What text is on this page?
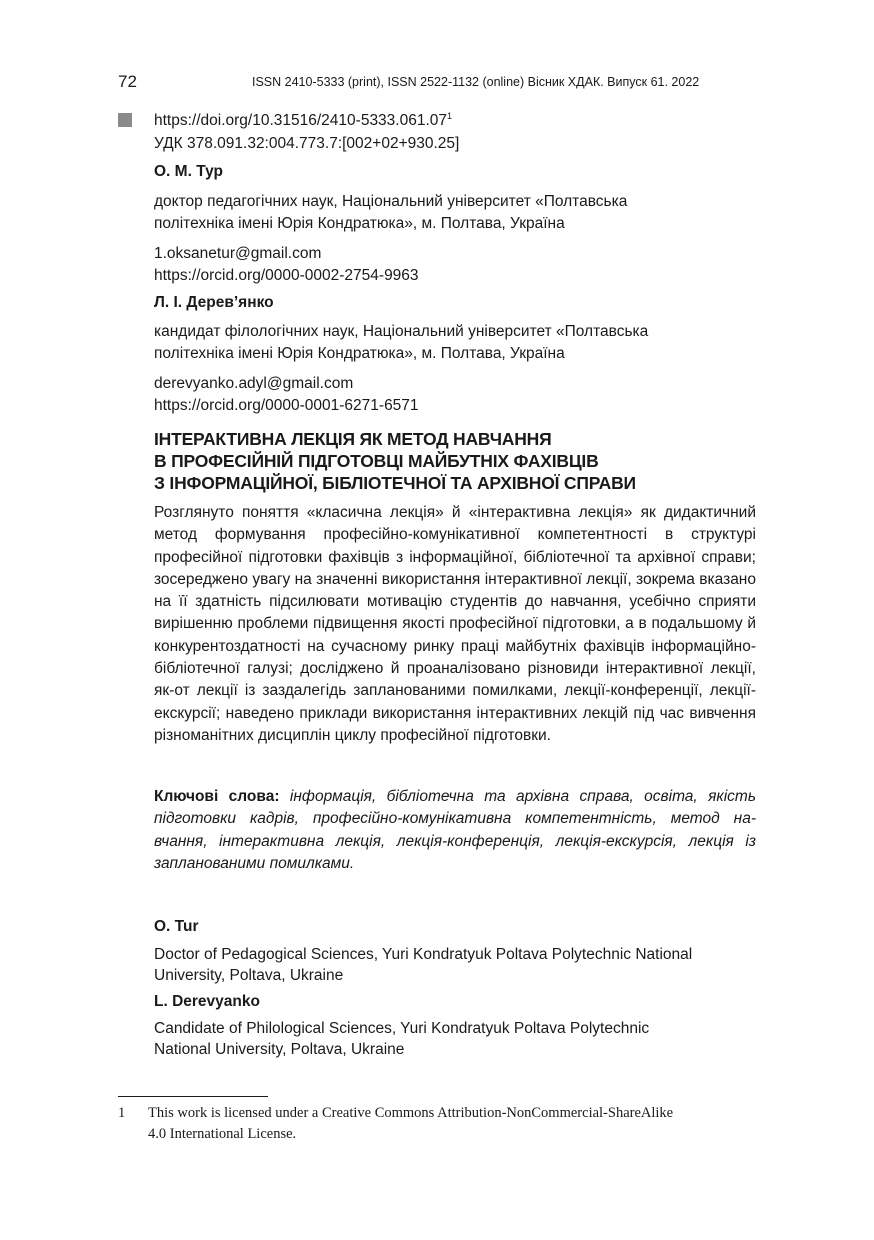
72	ISSN 2410-5333 (print), ISSN 2522-1132 (online) Вісник ХДАК. Випуск 61. 2022
https://doi.org/10.31516/2410-5333.061.07$^1$
УДК 378.091.32:004.773.7:[002+02+930.25]
О. М. Тур
доктор педагогічних наук, Національний університет «Полтавська
політехніка імені Юрія Кондратюка», м. Полтава, Україна
1.oksanetur@gmail.com
https://orcid.org/0000-0002-2754-9963
Л. І. Дерев’янко
кандидат філологічних наук, Національний університет «Полтавська
політехніка імені Юрія Кондратюка», м. Полтава, Україна
derevyanko.adyl@gmail.com
https://orcid.org/0000-0001-6271-6571
ІНТЕРАКТИВНА ЛЕКЦІЯ ЯК МЕТОД НАВЧАННЯ
В ПРОФЕСІЙНІЙ ПІДГОТОВЦІ МАЙБУТНІХ ФАХІВЦІВ
З ІНФОРМАЦІЙНОЇ, БІБЛІОТЕЧНОЇ ТА АРХІВНОЇ СПРАВИ
Розглянуто поняття «класична лекція» й «інтерактивна лекція» як дидактичний метод формування професійно-комунікативної компетентності в структурі професійної підготовки фахівців з інформаційної, бібліотечної та архівної справи; зосереджено увагу на значенні використання інтерактивної лекції, зокрема вказано на її здатність підсилювати мотивацію студентів до навчання, усебічно сприяти вирішенню проблеми підвищення якості професійної підготовки, а в подальшому й конкурентоздатності на сучасному ринку праці майбутніх фахівців інформаційно-бібліотечної галузі; досліджено й проаналізовано різновиди інтерактивної лекції, як-от лекції із заздалегідь запланованими помилками, лекції-конференції, лекції-екскурсії; наведено приклади використання інтерактивних лекцій під час вивчення різноманітних дисциплін циклу професійної підготовки.
Ключові слова: інформація, бібліотечна та архівна справа, освіта, якість підготовки кадрів, професійно-комунікативна компетентність, метод навчання, інтерактивна лекція, лекція-конференція, лекція-екскурсія, лекція із запланованими помилками.
O. Tur
Doctor of Pedagogical Sciences, Yuri Kondratyuk Poltava Polytechnic National
University, Poltava, Ukraine
L. Derevyanko
Candidate of Philological Sciences, Yuri Kondratyuk Poltava Polytechnic
National University, Poltava, Ukraine
1 This work is licensed under a Creative Commons Attribution-NonCommercial-ShareAlike
4.0 International License.
